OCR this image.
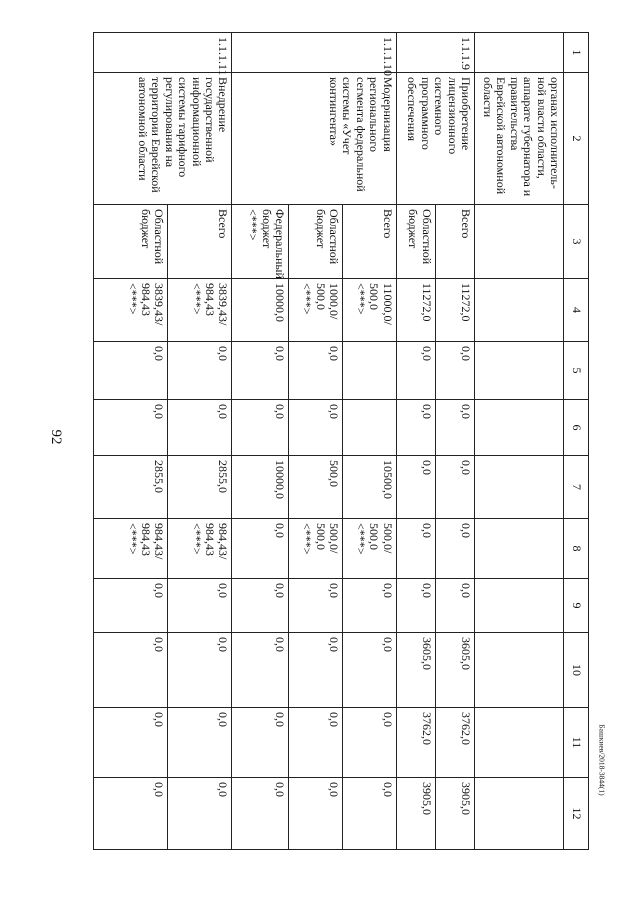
92
Башкиев/2018-3844(1)
1	2	3	4	5	6	7	8	9	10	11	12
	органах исполнитель-ной власти области, аппарате губернатора и правительства Еврейской автономной области										
1.1.1.9	Приобретение лицензионного системного программного обеспечения	Всего	11272,0	0,0	0,0	0,0	0,0	0,0	3605,0	3762,0	3905,0
		Областной бюджет	11272,0	0,0	0,0	0,0	0,0	0,0	3605,0	3762,0	3905,0
1.1.1.10	Модернизация регионального сегмента федеральной системы «Учет контингента»	Всего	11000,0/ 500,0 <***>			10500,0	500,0/ 500,0 <***>	0,0	0,0	0,0	0,0
		Областной бюджет	1000,0/ 500,0 <***>	0,0	0,0	500,0	500,0/ 500,0 <***>	0,0	0,0	0,0	0,0
		Федеральный бюджет <***>	10000,0	0,0	0,0	10000,0	0,0	0,0	0,0	0,0	0,0
1.1.1.11	Внедрение государственной информационной системы тарифного регулирования на территории Еврейской автономной области	Всего	3839,43/ 984,43 <***>	0,0	0,0	2855,0	984,43/ 984,43 <***>	0,0	0,0	0,0	0,0
		Областной бюджет	3839,43/ 984,43 <***>	0,0	0,0	2855,0	984,43/ 984,43 <***>	0,0	0,0	0,0	0,0
